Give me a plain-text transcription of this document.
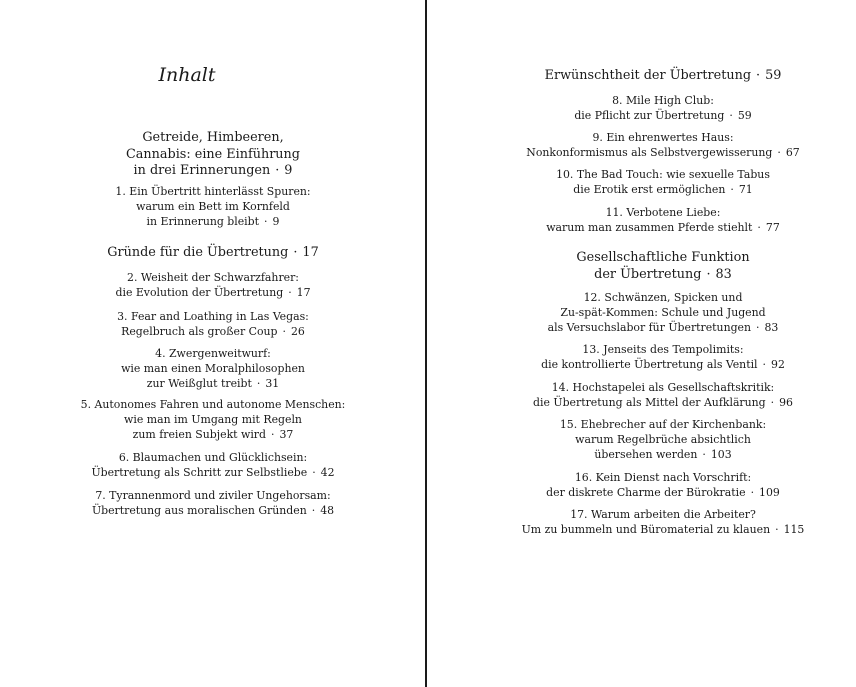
Inhalt
Getreide, Himbeeren,
Cannabis: eine Einführung
in drei Erinnerungen · 9
1. Ein Übertritt hinterlässt Spuren:
warum ein Bett im Kornfeld
in Erinnerung bleibt · 9
Gründe für die Übertretung · 17
2. Weisheit der Schwarzfahrer:
die Evolution der Übertretung · 17
3. Fear and Loathing in Las Vegas:
Regelbruch als großer Coup · 26
4. Zwergenweitwurf:
wie man einen Moralphilosophen
zur Weißglut treibt · 31
5. Autonomes Fahren und autonome Menschen:
wie man im Umgang mit Regeln
zum freien Subjekt wird · 37
6. Blaumachen und Glücklichsein:
Übertretung als Schritt zur Selbstliebe · 42
7. Tyrannenmord und ziviler Ungehorsam:
Übertretung aus moralischen Gründen · 48
Erwünschtheit der Übertretung · 59
8. Mile High Club:
die Pflicht zur Übertretung · 59
9. Ein ehrenwertes Haus:
Nonkonformismus als Selbstvergewisserung · 67
10. The Bad Touch: wie sexuelle Tabus
die Erotik erst ermöglichen · 71
11. Verbotene Liebe:
warum man zusammen Pferde stiehlt · 77
Gesellschaftliche Funktion
der Übertretung · 83
12. Schwänzen, Spicken und
Zu-spät-Kommen: Schule und Jugend
als Versuchslabor für Übertretungen · 83
13. Jenseits des Tempolimits:
die kontrollierte Übertretung als Ventil · 92
14. Hochstapelei als Gesellschaftskritik:
die Übertretung als Mittel der Aufklärung · 96
15. Ehebrecher auf der Kirchenbank:
warum Regelbrüche absichtlich
übersehen werden · 103
16. Kein Dienst nach Vorschrift:
der diskrete Charme der Bürokratie · 109
17. Warum arbeiten die Arbeiter?
Um zu bummeln und Büromaterial zu klauen · 115
